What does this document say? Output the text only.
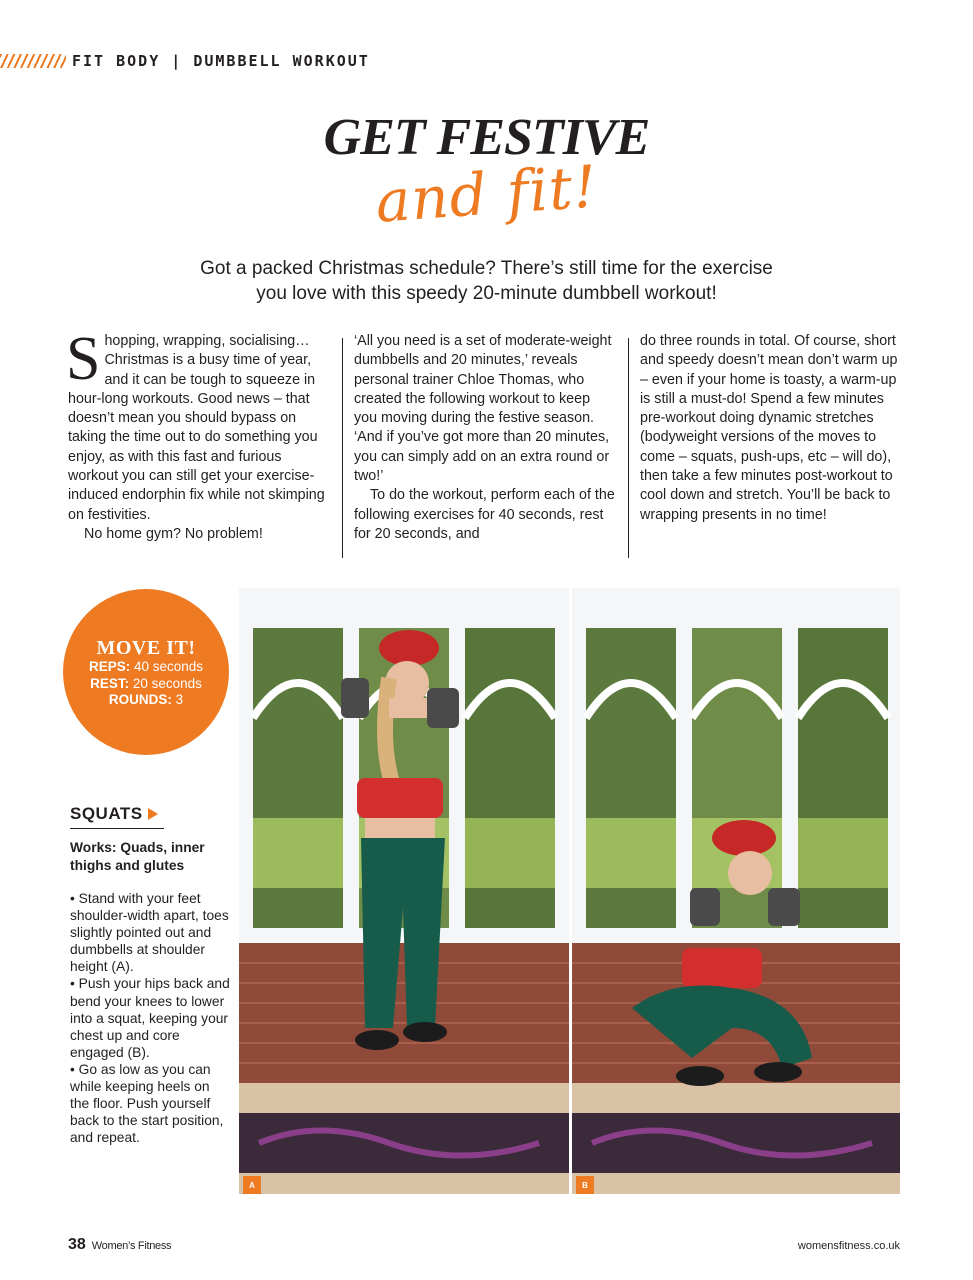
FIT BODY | DUMBBELL WORKOUT
GET FESTIVE
and fit!
Got a packed Christmas schedule? There’s still time for the exercise
you love with this speedy 20-minute dumbbell workout!

Shopping, wrapping, socialising… Christmas is a busy time of year, and it can be tough to squeeze in hour-long workouts. Good news – that doesn’t mean you should bypass on taking the time out to do something you enjoy, as with this fast and furious workout you can still get your exercise-induced endorphin fix while not skimping on festivities.

No home gym? No problem!

‘All you need is a set of moderate-weight dumbbells and 20 minutes,’ reveals personal trainer Chloe Thomas, who created the following workout to keep you moving during the festive season. ‘And if you’ve got more than 20 minutes, you can simply add on an extra round or two!’

To do the workout, perform each of the following exercises for 40 seconds, rest for 20 seconds, and

do three rounds in total. Of course, short and speedy doesn’t mean don’t warm up – even if your home is toasty, a warm-up is still a must-do! Spend a few minutes pre-workout doing dynamic stretches (bodyweight versions of the moves to come – squats, push-ups, etc – will do), then take a few minutes post-workout to cool down and stretch. You’ll be back to wrapping presents in no time!

A	B
MOVE IT!
REPS: 40 seconds
REST: 20 seconds
ROUNDS: 3
SQUATS
Works: Quads, inner thighs and glutes
• Stand with your feet shoulder-width apart, toes slightly pointed out and dumbbells at shoulder height (A).
• Push your hips back and bend your knees to lower into a squat, keeping your chest up and core engaged (B).
• Go as low as you can while keeping heels on the floor. Push yourself back to the start position, and repeat.
38 Women’s Fitness	womensfitness.co.uk
